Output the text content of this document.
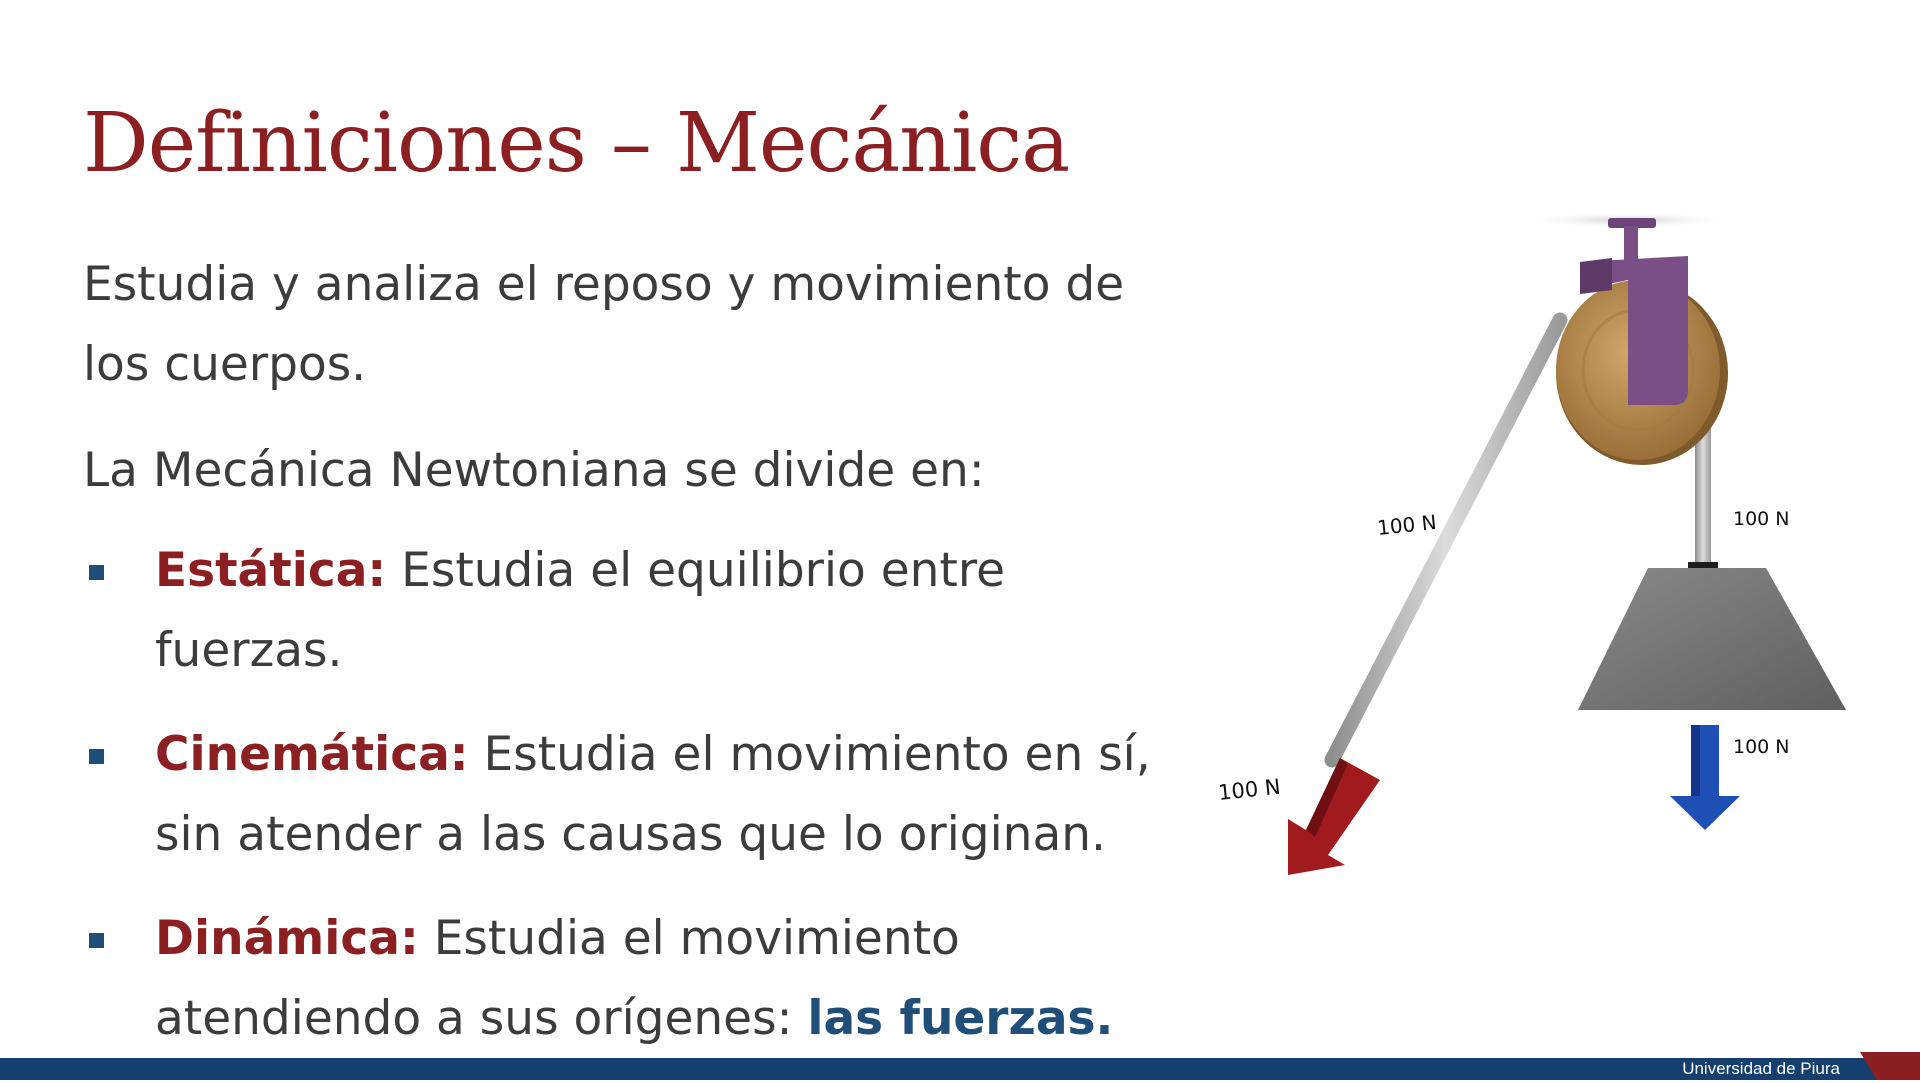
Definiciones – Mecánica

Estudia y analiza el reposo y movimiento de los cuerpos.

La Mecánica Newtoniana se divide en:

Estática: Estudia el equilibrio entre fuerzas.
Cinemática: Estudia el movimiento en sí, sin atender a las causas que lo originan.
Dinámica: Estudia el movimiento atendiendo a sus orígenes: las fuerzas.
100 N	100 N
100 N
100 N
Universidad de Piura
